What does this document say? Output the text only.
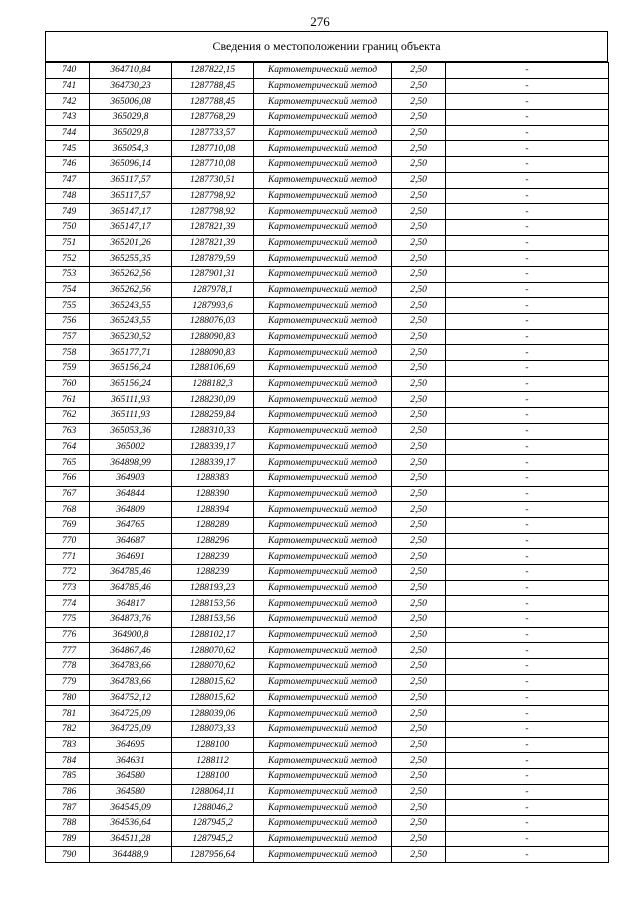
276
Сведения о местоположении границ объекта
740	364710,84	1287822,15	Картометрический метод	2,50	-
741	364730,23	1287788,45	Картометрический метод	2,50	-
742	365006,08	1287788,45	Картометрический метод	2,50	-
743	365029,8	1287768,29	Картометрический метод	2,50	-
744	365029,8	1287733,57	Картометрический метод	2,50	-
745	365054,3	1287710,08	Картометрический метод	2,50	-
746	365096,14	1287710,08	Картометрический метод	2,50	-
747	365117,57	1287730,51	Картометрический метод	2,50	-
748	365117,57	1287798,92	Картометрический метод	2,50	-
749	365147,17	1287798,92	Картометрический метод	2,50	-
750	365147,17	1287821,39	Картометрический метод	2,50	-
751	365201,26	1287821,39	Картометрический метод	2,50	-
752	365255,35	1287879,59	Картометрический метод	2,50	-
753	365262,56	1287901,31	Картометрический метод	2,50	-
754	365262,56	1287978,1	Картометрический метод	2,50	-
755	365243,55	1287993,6	Картометрический метод	2,50	-
756	365243,55	1288076,03	Картометрический метод	2,50	-
757	365230,52	1288090,83	Картометрический метод	2,50	-
758	365177,71	1288090,83	Картометрический метод	2,50	-
759	365156,24	1288106,69	Картометрический метод	2,50	-
760	365156,24	1288182,3	Картометрический метод	2,50	-
761	365111,93	1288230,09	Картометрический метод	2,50	-
762	365111,93	1288259,84	Картометрический метод	2,50	-
763	365053,36	1288310,33	Картометрический метод	2,50	-
764	365002	1288339,17	Картометрический метод	2,50	-
765	364898,99	1288339,17	Картометрический метод	2,50	-
766	364903	1288383	Картометрический метод	2,50	-
767	364844	1288390	Картометрический метод	2,50	-
768	364809	1288394	Картометрический метод	2,50	-
769	364765	1288289	Картометрический метод	2,50	-
770	364687	1288296	Картометрический метод	2,50	-
771	364691	1288239	Картометрический метод	2,50	-
772	364785,46	1288239	Картометрический метод	2,50	-
773	364785,46	1288193,23	Картометрический метод	2,50	-
774	364817	1288153,56	Картометрический метод	2,50	-
775	364873,76	1288153,56	Картометрический метод	2,50	-
776	364900,8	1288102,17	Картометрический метод	2,50	-
777	364867,46	1288070,62	Картометрический метод	2,50	-
778	364783,66	1288070,62	Картометрический метод	2,50	-
779	364783,66	1288015,62	Картометрический метод	2,50	-
780	364752,12	1288015,62	Картометрический метод	2,50	-
781	364725,09	1288039,06	Картометрический метод	2,50	-
782	364725,09	1288073,33	Картометрический метод	2,50	-
783	364695	1288100	Картометрический метод	2,50	-
784	364631	1288112	Картометрический метод	2,50	-
785	364580	1288100	Картометрический метод	2,50	-
786	364580	1288064,11	Картометрический метод	2,50	-
787	364545,09	1288046,2	Картометрический метод	2,50	-
788	364536,64	1287945,2	Картометрический метод	2,50	-
789	364511,28	1287945,2	Картометрический метод	2,50	-
790	364488,9	1287956,64	Картометрический метод	2,50	-
